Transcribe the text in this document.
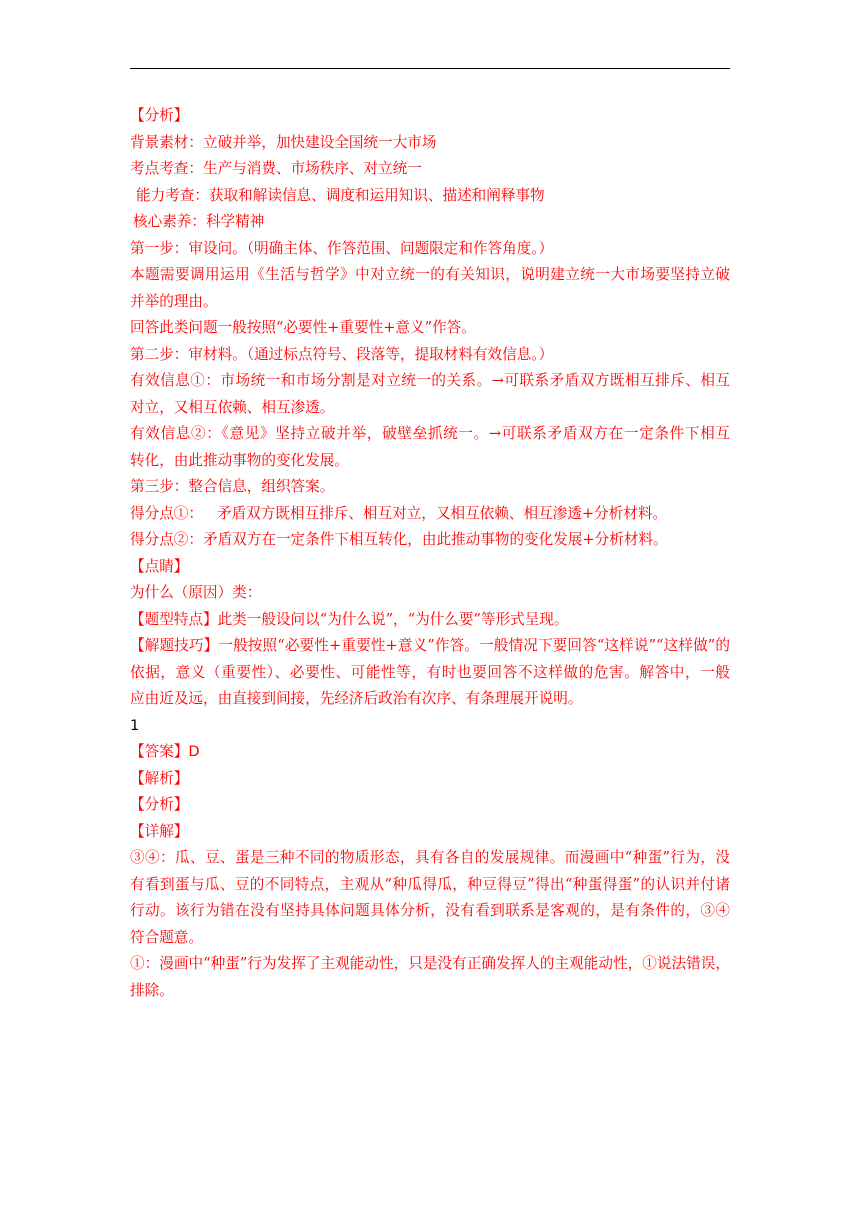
【分析】
背景素材：立破并举，加快建设全国统一大市场
考点考查：生产与消费、市场秩序、对立统一
能力考查：获取和解读信息、调度和运用知识、描述和阐释事物
核心素养：科学精神
第一步：审设问。（明确主体、作答范围、问题限定和作答角度。）
本题需要调用运用《生活与哲学》中对立统一的有关知识，说明建立统一大市场要坚持立破
并举的理由。
回答此类问题一般按照“必要性+重要性+意义”作答。
第二步：审材料。（通过标点符号、段落等，提取材料有效信息。）
有效信息①：市场统一和市场分割是对立统一的关系。→可联系矛盾双方既相互排斥、相互
对立，又相互依赖、相互渗透。
有效信息②：《意见》坚持立破并举，破壁垒抓统一。→可联系矛盾双方在一定条件下相互
转化，由此推动事物的变化发展。
第三步：整合信息，组织答案。
得分点①： 矛盾双方既相互排斥、相互对立，又相互依赖、相互渗透+分析材料。
得分点②：矛盾双方在一定条件下相互转化，由此推动事物的变化发展+分析材料。
【点睛】
为什么（原因）类：
【题型特点】此类一般设问以“为什么说”，“为什么要”等形式呈现。
【解题技巧】一般按照“必要性+重要性+意义”作答。一般情况下要回答“这样说”“这样做”的
依据，意义（重要性）、必要性、可能性等，有时也要回答不这样做的危害。解答中，一般
应由近及远，由直接到间接，先经济后政治有次序、有条理展开说明。
1
【答案】D
【解析】
【分析】
【详解】
③④：瓜、豆、蛋是三种不同的物质形态，具有各自的发展规律。而漫画中“种蛋”行为，没
有看到蛋与瓜、豆的不同特点，主观从“种瓜得瓜，种豆得豆”得出“种蛋得蛋”的认识并付诸
行动。该行为错在没有坚持具体问题具体分析，没有看到联系是客观的，是有条件的，③④
符合题意。
①：漫画中“种蛋”行为发挥了主观能动性，只是没有正确发挥人的主观能动性，①说法错误，
排除。
